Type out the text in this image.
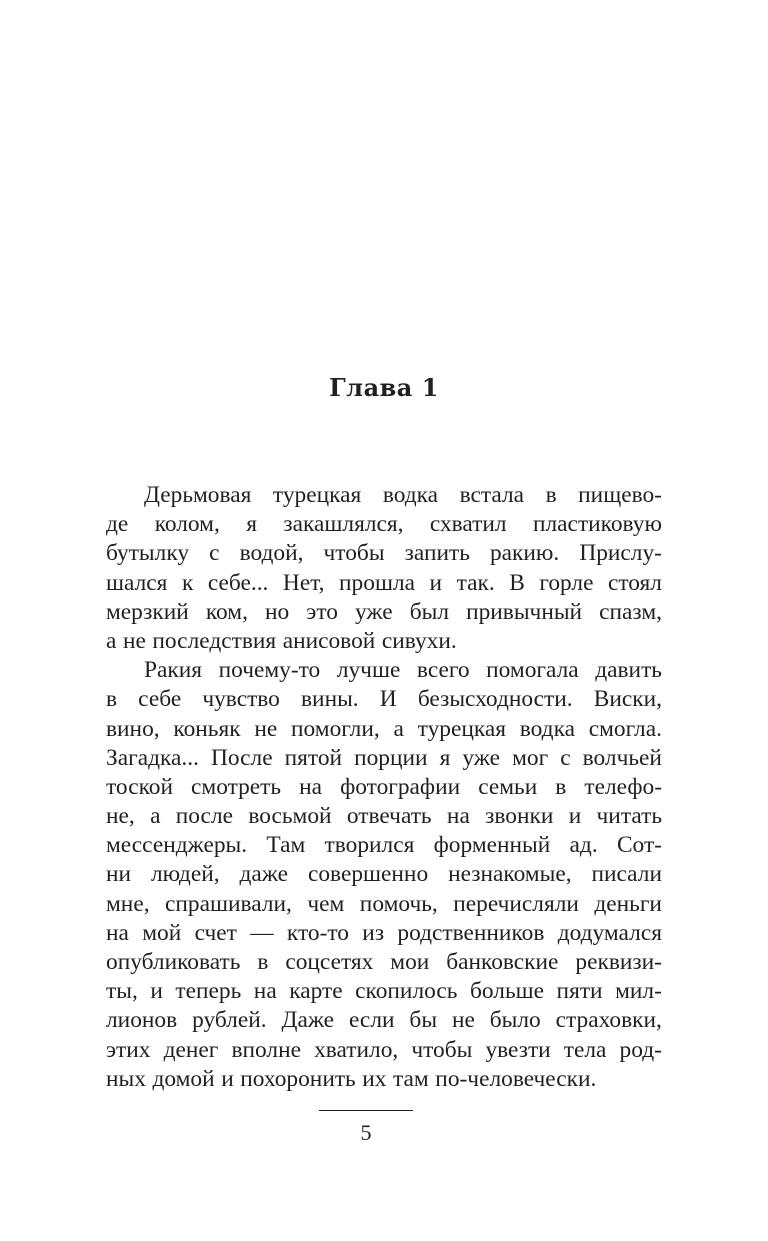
Глава 1
Дерьмовая турецкая водка встала в пищево-
де колом, я закашлялся, схватил пластиковую
бутылку с водой, чтобы запить ракию. Прислу-
шался к себе... Нет, прошла и так. В горле стоял
мерзкий ком, но это уже был привычный спазм,
а не последствия анисовой сивухи.
Ракия почему-то лучше всего помогала давить
в себе чувство вины. И безысходности. Виски,
вино, коньяк не помогли, а турецкая водка смогла.
Загадка... После пятой порции я уже мог с волчьей
тоской смотреть на фотографии семьи в телефо-
не, а после восьмой отвечать на звонки и читать
мессенджеры. Там творился форменный ад. Сот-
ни людей, даже совершенно незнакомые, писали
мне, спрашивали, чем помочь, перечисляли деньги
на мой счет — кто-то из родственников додумался
опубликовать в соцсетях мои банковские реквизи-
ты, и теперь на карте скопилось больше пяти мил-
лионов рублей. Даже если бы не было страховки,
этих денег вполне хватило, чтобы увезти тела род-
ных домой и похоронить их там по-человечески.
5
